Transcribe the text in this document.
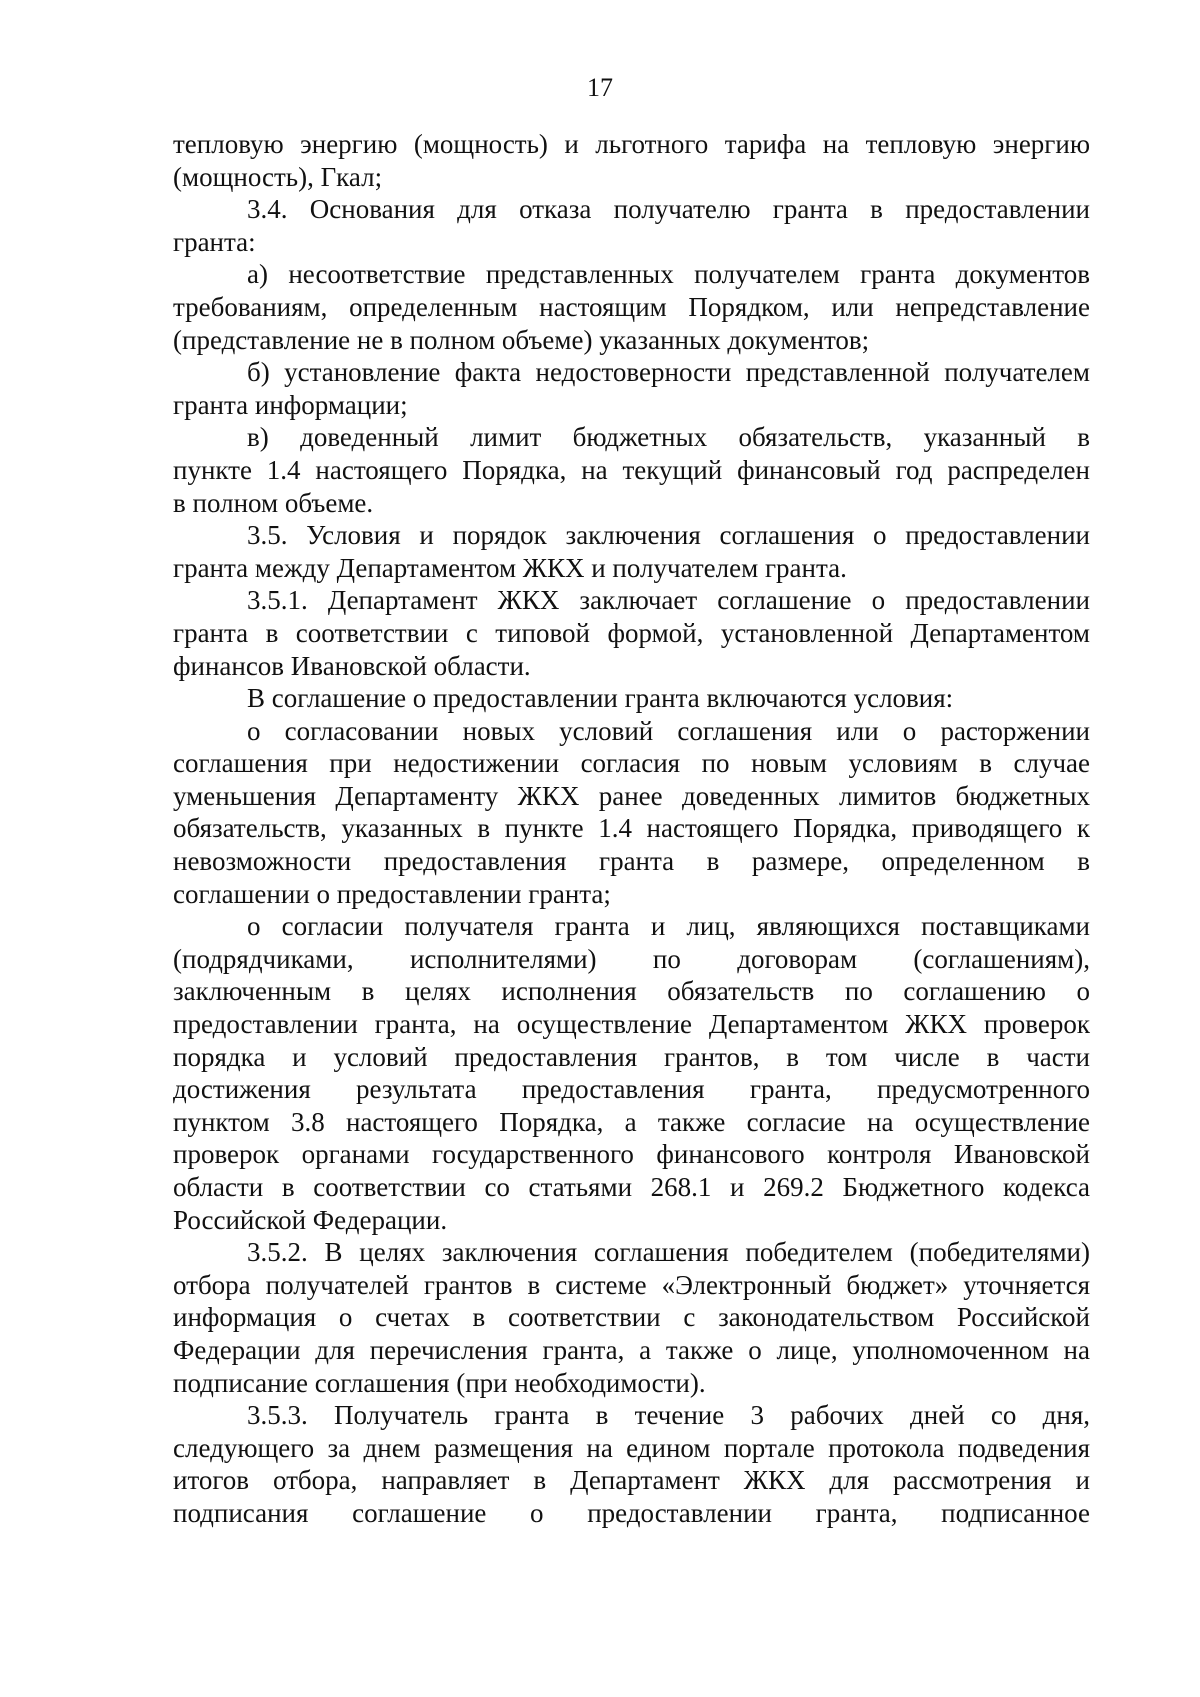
17
тепловую энергию (мощность) и льготного тарифа на тепловую энергию
(мощность), Гкал;
3.4. Основания для отказа получателю гранта в предоставлении
гранта:
а) несоответствие представленных получателем гранта документов
требованиям, определенным настоящим Порядком, или непредставление
(представление не в полном объеме) указанных документов;
б) установление факта недостоверности представленной получателем
гранта информации;
в) доведенный лимит бюджетных обязательств, указанный в
пункте 1.4 настоящего Порядка, на текущий финансовый год распределен
в полном объеме.
3.5. Условия и порядок заключения соглашения о предоставлении
гранта между Департаментом ЖКХ и получателем гранта.
3.5.1. Департамент ЖКХ заключает соглашение о предоставлении
гранта в соответствии с типовой формой, установленной Департаментом
финансов Ивановской области.
В соглашение о предоставлении гранта включаются условия:
о согласовании новых условий соглашения или о расторжении
соглашения при недостижении согласия по новым условиям в случае
уменьшения Департаменту ЖКХ ранее доведенных лимитов бюджетных
обязательств, указанных в пункте 1.4 настоящего Порядка, приводящего к
невозможности предоставления гранта в размере, определенном в
соглашении о предоставлении гранта;
о согласии получателя гранта и лиц, являющихся поставщиками
(подрядчиками, исполнителями) по договорам (соглашениям),
заключенным в целях исполнения обязательств по соглашению о
предоставлении гранта, на осуществление Департаментом ЖКХ проверок
порядка и условий предоставления грантов, в том числе в части
достижения результата предоставления гранта, предусмотренного
пунктом 3.8 настоящего Порядка, а также согласие на осуществление
проверок органами государственного финансового контроля Ивановской
области в соответствии со статьями 268.1 и 269.2 Бюджетного кодекса
Российской Федерации.
3.5.2. В целях заключения соглашения победителем (победителями)
отбора получателей грантов в системе «Электронный бюджет» уточняется
информация о счетах в соответствии с законодательством Российской
Федерации для перечисления гранта, а также о лице, уполномоченном на
подписание соглашения (при необходимости).
3.5.3. Получатель гранта в течение 3 рабочих дней со дня,
следующего за днем размещения на едином портале протокола подведения
итогов отбора, направляет в Департамент ЖКХ для рассмотрения и
подписания соглашение о предоставлении гранта, подписанное
